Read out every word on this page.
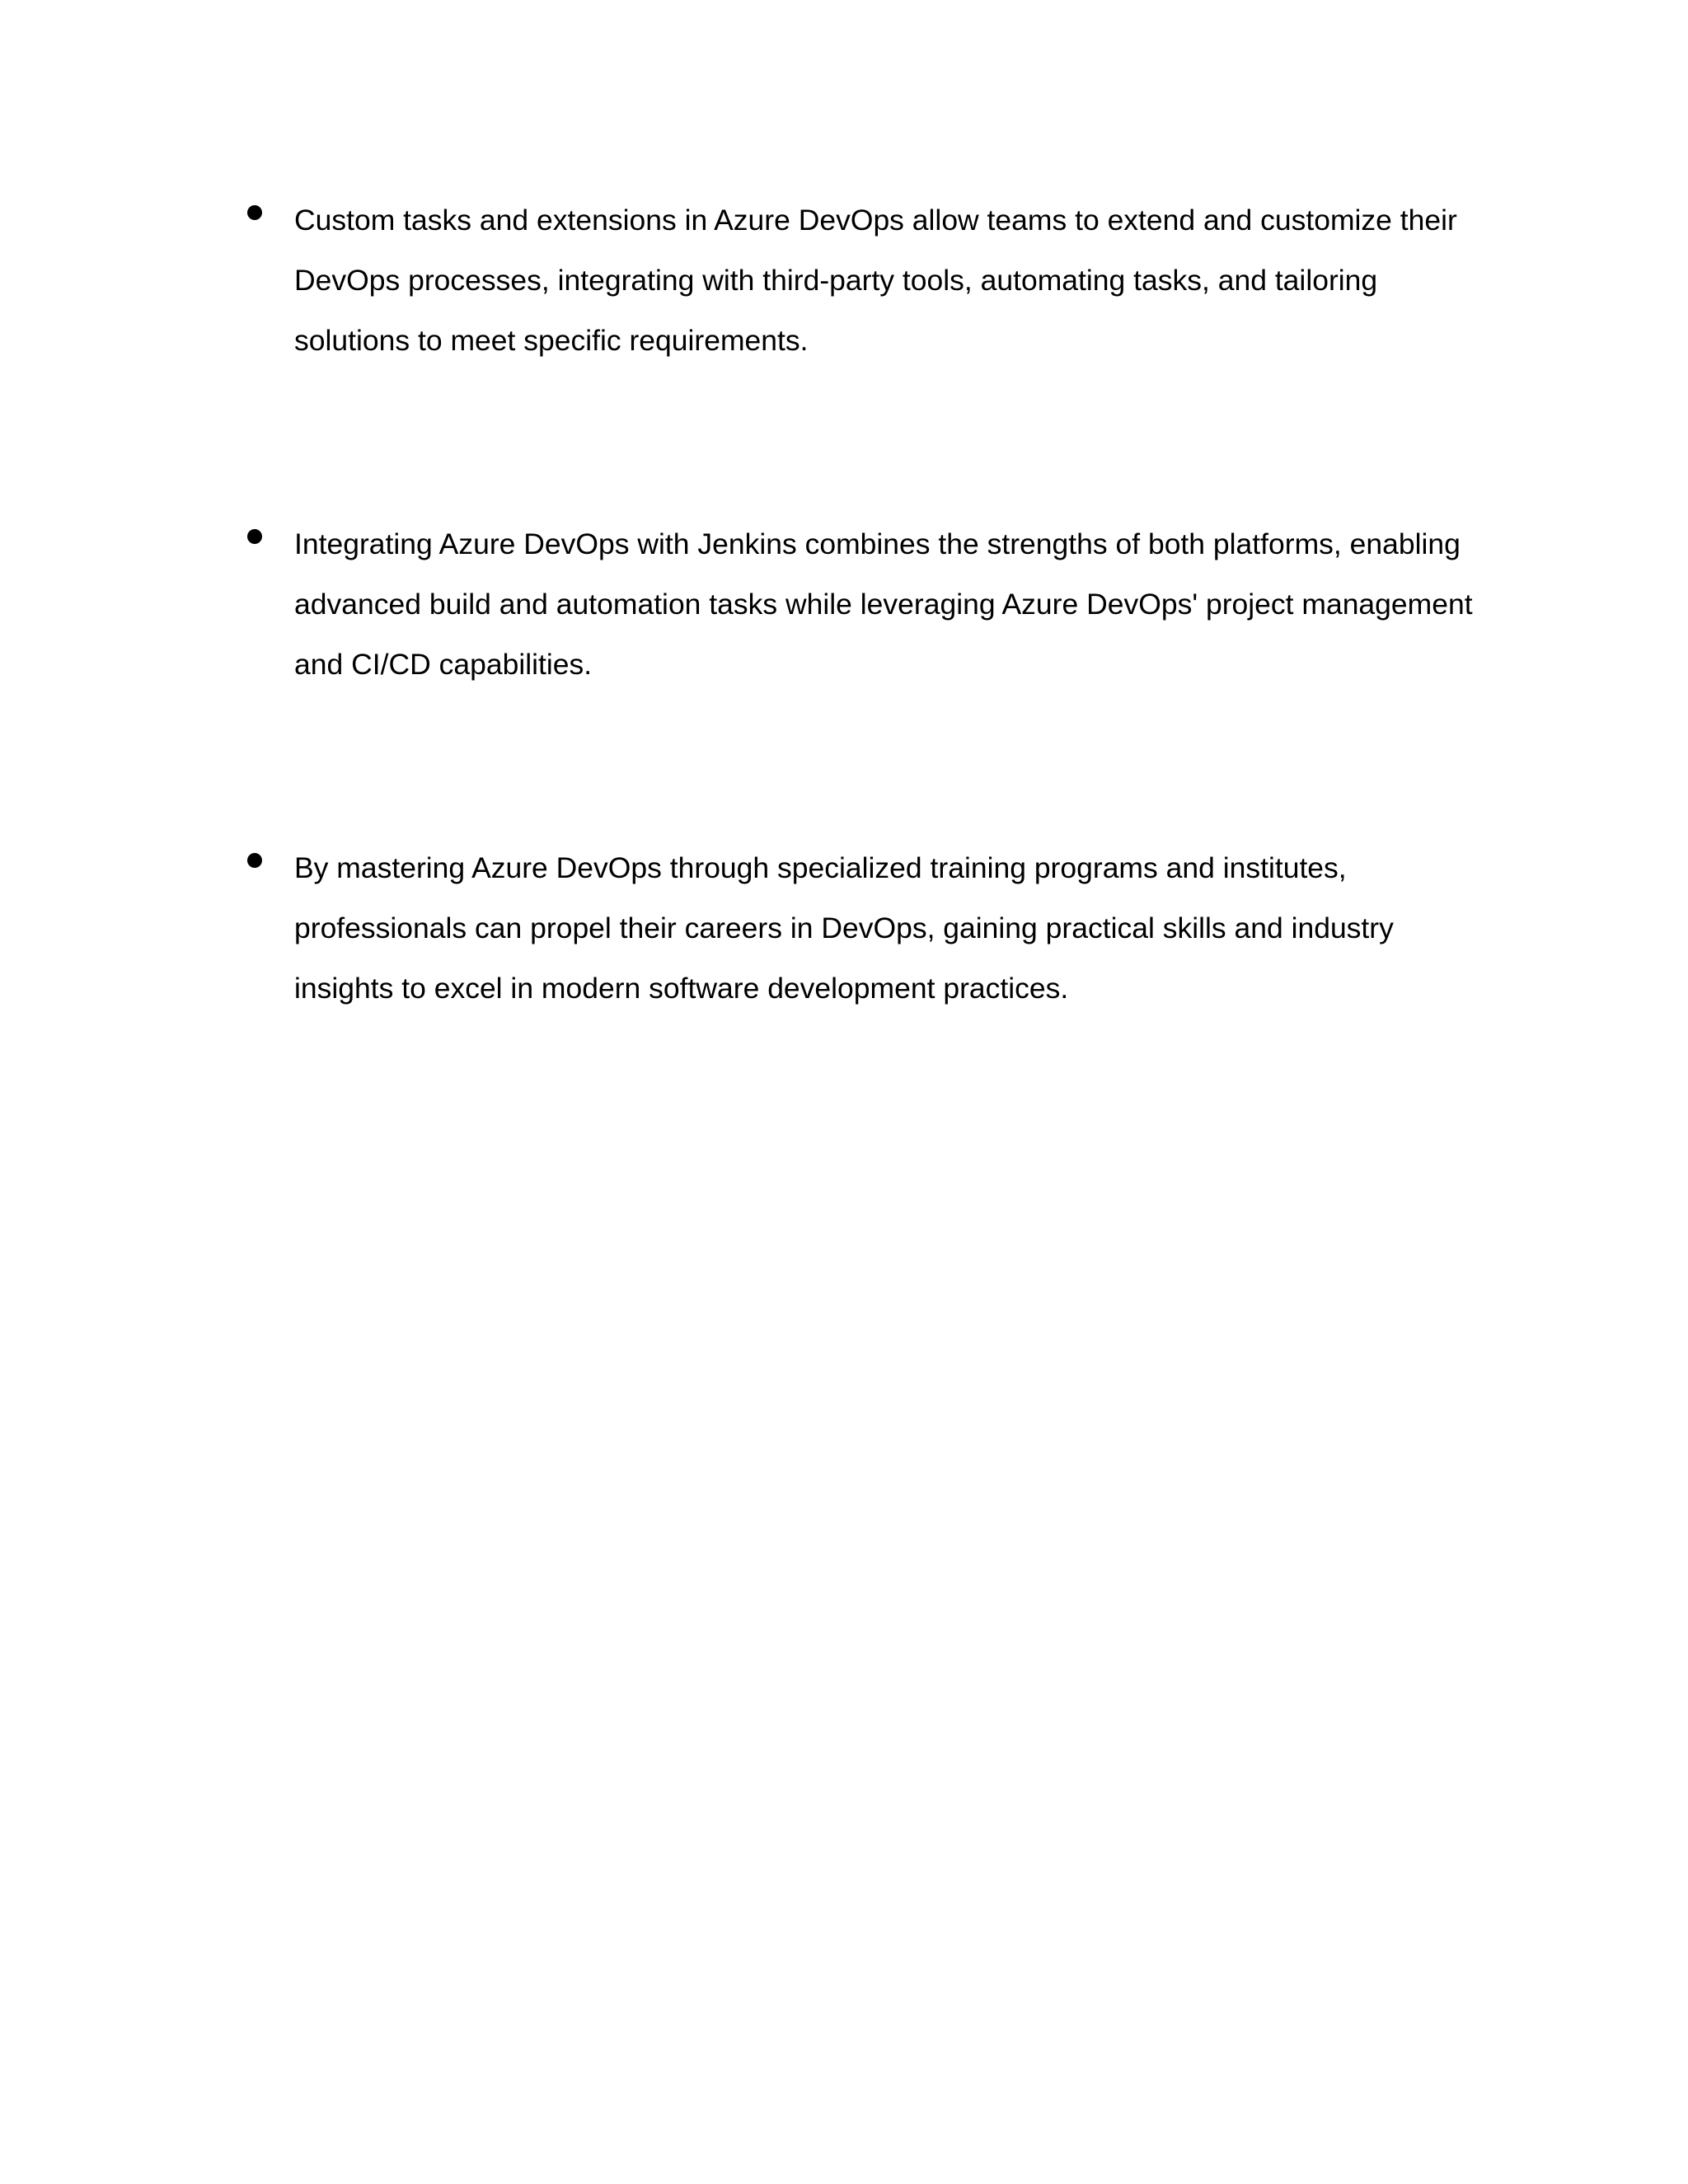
Custom tasks and extensions in Azure DevOps allow teams to extend and customize their DevOps processes, integrating with third-party tools, automating tasks, and tailoring solutions to meet specific requirements.

Integrating Azure DevOps with Jenkins combines the strengths of both platforms, enabling advanced build and automation tasks while leveraging Azure DevOps' project management and CI/CD capabilities.

By mastering Azure DevOps through specialized training programs and institutes, professionals can propel their careers in DevOps, gaining practical skills and industry insights to excel in modern software development practices.
